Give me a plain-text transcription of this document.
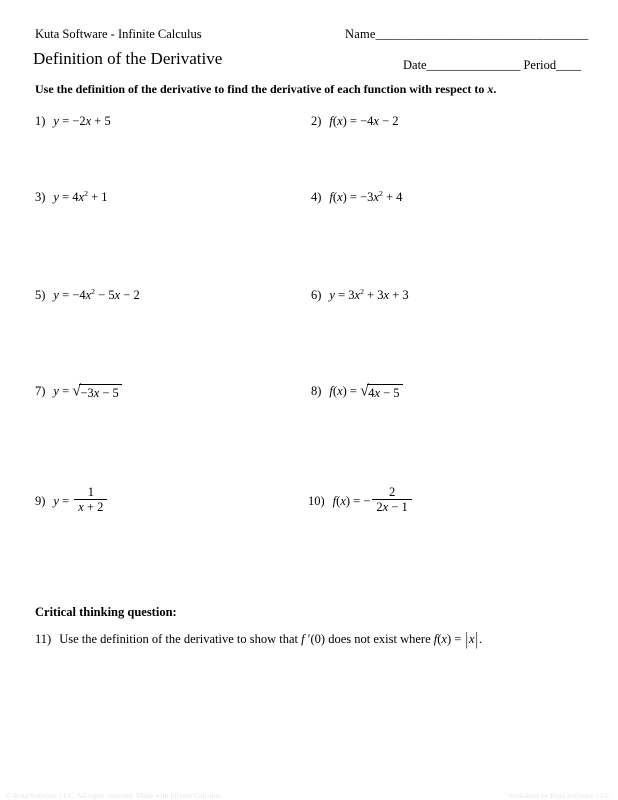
Kuta Software - Infinite Calculus	Name_________________________________
Definition of the Derivative	Date_______________ Period____
Use the definition of the derivative to find the derivative of each function with respect to x.
1) y = −2x + 5	2) f(x) = −4x − 2
3) $y = 4x^2 + 1$	4) $f(x) = -3x^2 + 4$
5) $y = -4x^2 - 5x - 2$	6) $y = 3x^2 + 3x + 3$
7) y = √ −3x − 5	8) f(x) = √ 4x − 5
9) $y = \frac{1}{x + 2}$	10) f(x) = − $\frac{2}{2x - 1}$
Critical thinking question:
11) Use the definition of the derivative to show that f ′(0) does not exist where f(x) = |x|.
© Kuta Software LLC. All rights reserved. Made with Infinite Calculus.	Worksheet by Kuta Software LLC
